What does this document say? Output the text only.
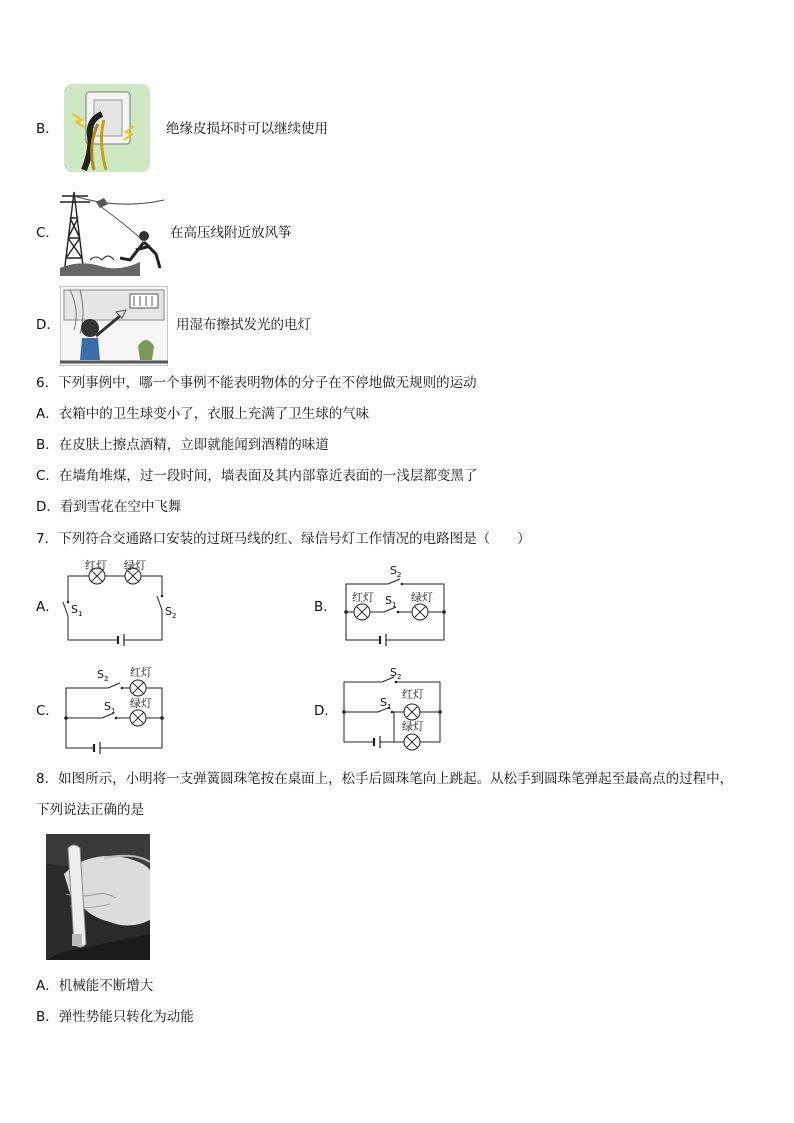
B．	绝缘皮损坏时可以继续使用
C．	在高压线附近放风筝
D．	用湿布擦拭发光的电灯
6．下列事例中，哪一个事例不能表明物体的分子在不停地做无规则的运动
A．衣箱中的卫生球变小了，衣服上充满了卫生球的气味
B．在皮肤上擦点酒精，立即就能闻到酒精的味道
C．在墙角堆煤，过一段时间，墙表面及其内部靠近表面的一浅层都变黑了
D．看到雪花在空中飞舞
7．下列符合交通路口安装的过斑马线的红、绿信号灯工作情况的电路图是（　　）
A．
红灯 绿灯
S 1	S 2
B．
S 2
红灯 S 1
绿灯
C．
S 2 红灯
S 1
绿灯	D．
S 2
S 1
红灯
绿灯
8．如图所示，小明将一支弹簧圆珠笔按在桌面上，松手后圆珠笔向上跳起。从松手到圆珠笔弹起至最高点的过程中，
下列说法正确的是
A．机械能不断增大
B．弹性势能只转化为动能
